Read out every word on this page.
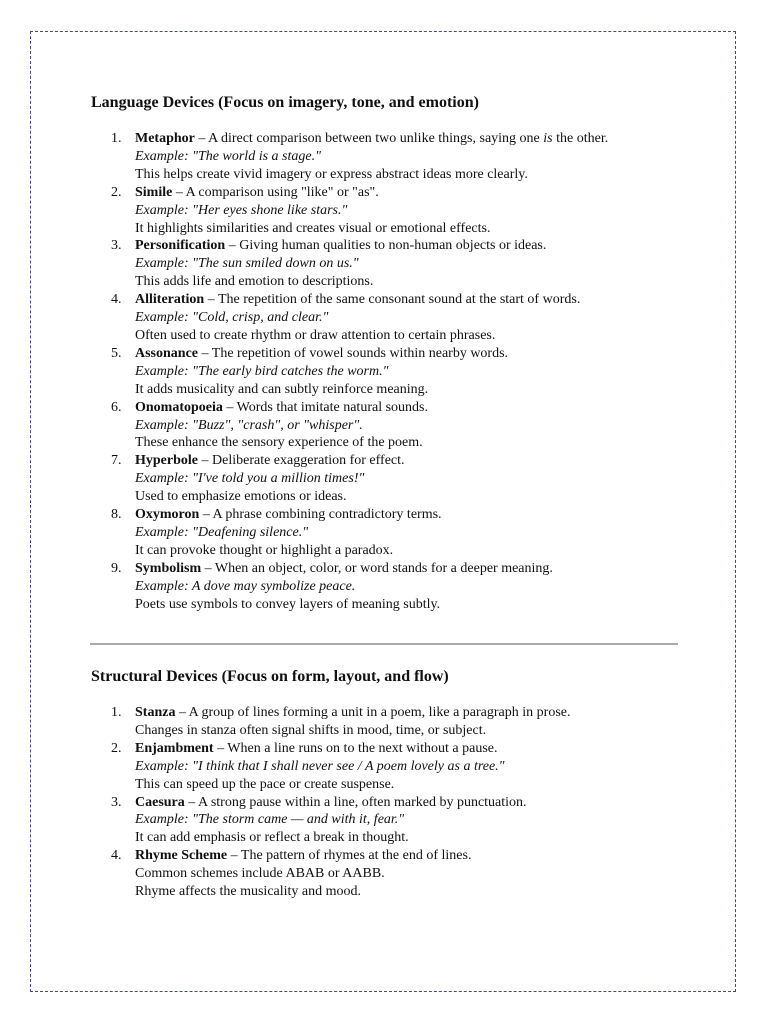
Language Devices (Focus on imagery, tone, and emotion)
1. Metaphor – A direct comparison between two unlike things, saying one is the other.
Example: "The world is a stage."
This helps create vivid imagery or express abstract ideas more clearly.
2. Simile – A comparison using "like" or "as".
Example: "Her eyes shone like stars."
It highlights similarities and creates visual or emotional effects.
3. Personification – Giving human qualities to non-human objects or ideas.
Example: "The sun smiled down on us."
This adds life and emotion to descriptions.
4. Alliteration – The repetition of the same consonant sound at the start of words.
Example: "Cold, crisp, and clear."
Often used to create rhythm or draw attention to certain phrases.
5. Assonance – The repetition of vowel sounds within nearby words.
Example: "The early bird catches the worm."
It adds musicality and can subtly reinforce meaning.
6. Onomatopoeia – Words that imitate natural sounds.
Example: "Buzz", "crash", or "whisper".
These enhance the sensory experience of the poem.
7. Hyperbole – Deliberate exaggeration for effect.
Example: "I've told you a million times!"
Used to emphasize emotions or ideas.
8. Oxymoron – A phrase combining contradictory terms.
Example: "Deafening silence."
It can provoke thought or highlight a paradox.
9. Symbolism – When an object, color, or word stands for a deeper meaning.
Example: A dove may symbolize peace.
Poets use symbols to convey layers of meaning subtly.
Structural Devices (Focus on form, layout, and flow)
1. Stanza – A group of lines forming a unit in a poem, like a paragraph in prose.
Changes in stanza often signal shifts in mood, time, or subject.
2. Enjambment – When a line runs on to the next without a pause.
Example: "I think that I shall never see / A poem lovely as a tree."
This can speed up the pace or create suspense.
3. Caesura – A strong pause within a line, often marked by punctuation.
Example: "The storm came — and with it, fear."
It can add emphasis or reflect a break in thought.
4. Rhyme Scheme – The pattern of rhymes at the end of lines.
Common schemes include ABAB or AABB.
Rhyme affects the musicality and mood.
